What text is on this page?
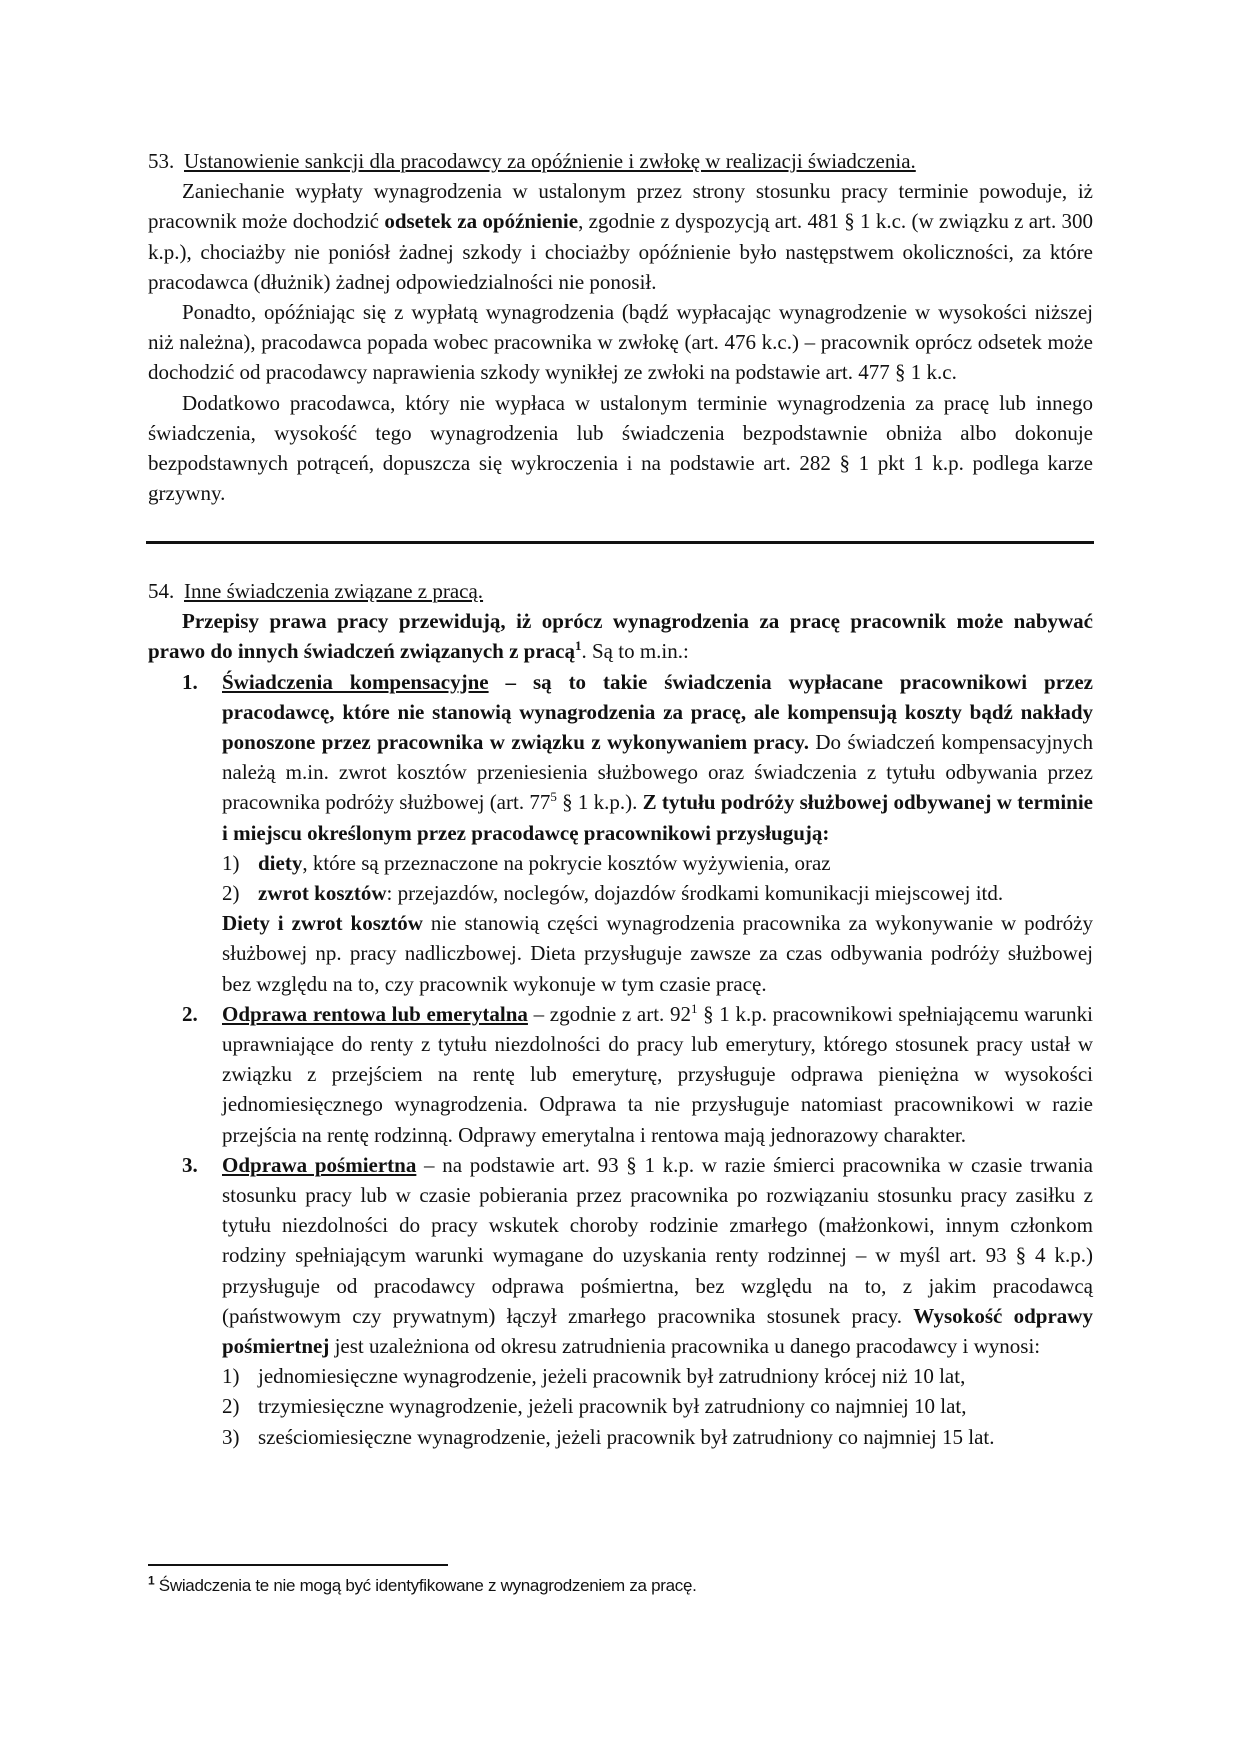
53. Ustanowienie sankcji dla pracodawcy za opóźnienie i zwłokę w realizacji świadczenia.

Zaniechanie wypłaty wynagrodzenia w ustalonym przez strony stosunku pracy terminie powoduje, iż pracownik może dochodzić odsetek za opóźnienie, zgodnie z dyspozycją art. 481 § 1 k.c. (w związku z art. 300 k.p.), chociażby nie poniósł żadnej szkody i chociażby opóźnienie było następstwem okoliczności, za które pracodawca (dłużnik) żadnej odpowiedzialności nie ponosił.

Ponadto, opóźniając się z wypłatą wynagrodzenia (bądź wypłacając wynagrodzenie w wysokości niższej niż należna), pracodawca popada wobec pracownika w zwłokę (art. 476 k.c.) – pracownik oprócz odsetek może dochodzić od pracodawcy naprawienia szkody wynikłej ze zwłoki na podstawie art. 477 § 1 k.c.

Dodatkowo pracodawca, który nie wypłaca w ustalonym terminie wynagrodzenia za pracę lub innego świadczenia, wysokość tego wynagrodzenia lub świadczenia bezpodstawnie obniża albo dokonuje bezpodstawnych potrąceń, dopuszcza się wykroczenia i na podstawie art. 282 § 1 pkt 1 k.p. podlega karze grzywny.

54. Inne świadczenia związane z pracą.

Przepisy prawa pracy przewidują, iż oprócz wynagrodzenia za pracę pracownik może nabywać prawo do innych świadczeń związanych z pracą$^1$. Są to m.in.:

1.	Świadczenia kompensacyjne – są to takie świadczenia wypłacane pracownikowi przez pracodawcę, które nie stanowią wynagrodzenia za pracę, ale kompensują koszty bądź nakłady ponoszone przez pracownika w związku z wykonywaniem pracy. Do świadczeń kompensacyjnych należą m.in. zwrot kosztów przeniesienia służbowego oraz świadczenia z tytułu odbywania przez pracownika podróży służbowej (art. $77^5$ § 1 k.p.). Z tytułu podróży służbowej odbywanej w terminie i miejscu określonym przez pracodawcę pracownikowi przysługują:
1) diety, które są przeznaczone na pokrycie kosztów wyżywienia, oraz
2) zwrot kosztów: przejazdów, noclegów, dojazdów środkami komunikacji miejscowej itd.

Diety i zwrot kosztów nie stanowią części wynagrodzenia pracownika za wykonywanie w podróży służbowej np. pracy nadliczbowej. Dieta przysługuje zawsze za czas odbywania podróży służbowej bez względu na to, czy pracownik wykonuje w tym czasie pracę.

2.	Odprawa rentowa lub emerytalna – zgodnie z art. $92^1$ § 1 k.p. pracownikowi spełniającemu warunki uprawniające do renty z tytułu niezdolności do pracy lub emerytury, którego stosunek pracy ustał w związku z przejściem na rentę lub emeryturę, przysługuje odprawa pieniężna w wysokości jednomiesięcznego wynagrodzenia. Odprawa ta nie przysługuje natomiast pracownikowi w razie przejścia na rentę rodzinną. Odprawy emerytalna i rentowa mają jednorazowy charakter.
3.	Odprawa pośmiertna – na podstawie art. 93 § 1 k.p. w razie śmierci pracownika w czasie trwania stosunku pracy lub w czasie pobierania przez pracownika po rozwiązaniu stosunku pracy zasiłku z tytułu niezdolności do pracy wskutek choroby rodzinie zmarłego (małżonkowi, innym członkom rodziny spełniającym warunki wymagane do uzyskania renty rodzinnej – w myśl art. 93 § 4 k.p.) przysługuje od pracodawcy odprawa pośmiertna, bez względu na to, z jakim pracodawcą (państwowym czy prywatnym) łączył zmarłego pracownika stosunek pracy. Wysokość odprawy pośmiertnej jest uzależniona od okresu zatrudnienia pracownika u danego pracodawcy i wynosi:
1) jednomiesięczne wynagrodzenie, jeżeli pracownik był zatrudniony krócej niż 10 lat,
2) trzymiesięczne wynagrodzenie, jeżeli pracownik był zatrudniony co najmniej 10 lat,
3) sześciomiesięczne wynagrodzenie, jeżeli pracownik był zatrudniony co najmniej 15 lat.
$^1$ Świadczenia te nie mogą być identyfikowane z wynagrodzeniem za pracę.
